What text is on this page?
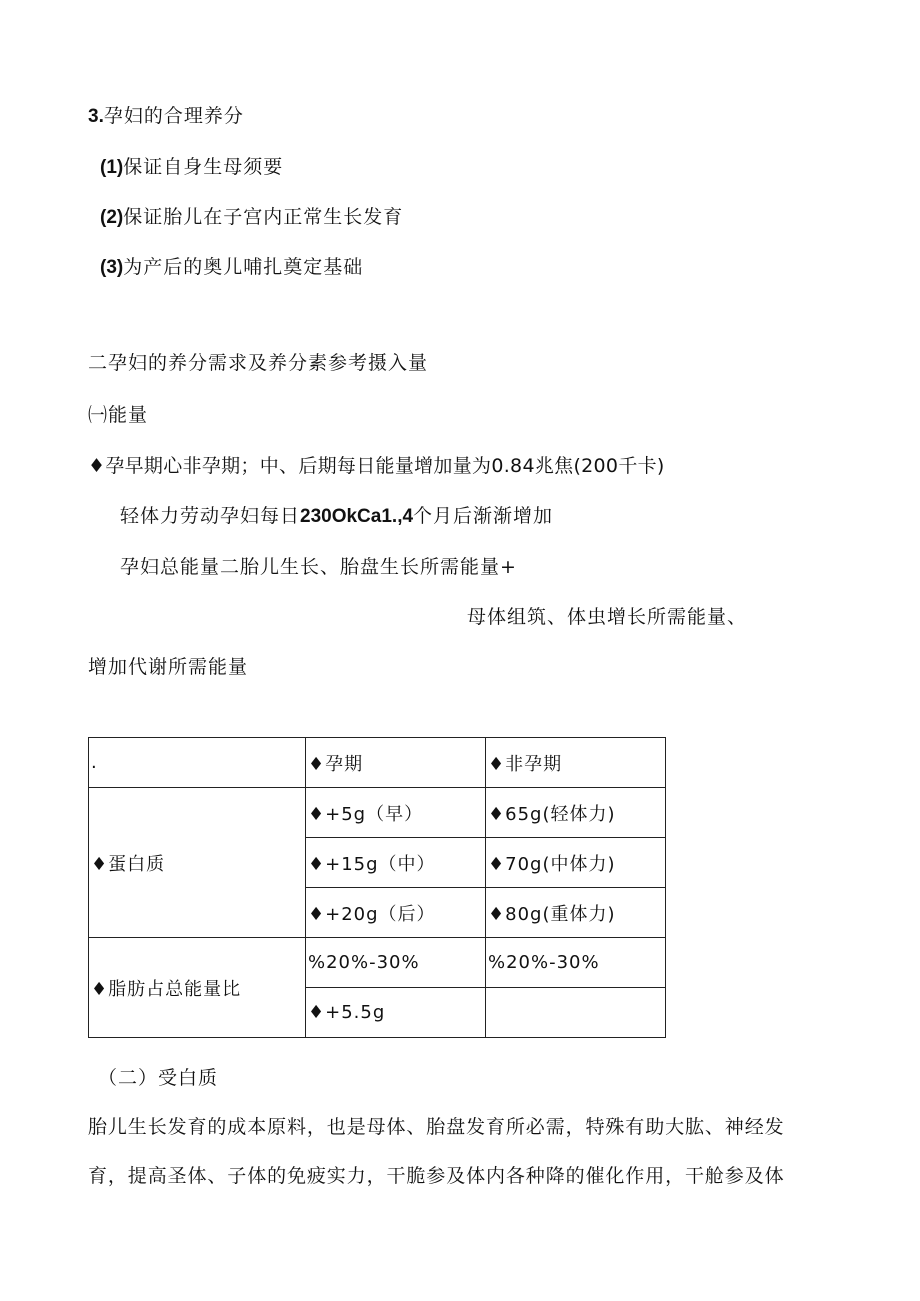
3.孕妇的合理养分
(1)保证自身生母须要
(2)保证胎儿在子宫内正常生长发育
(3)为产后的奥儿哺扎奠定基础
二孕妇的养分需求及养分素参考摄入量
㈠能量
♦孕早期心非孕期；中、后期每日能量增加量为0.84兆焦(200千卡)
轻体力劳动孕妇每日230OkCa1.,4个月后渐渐增加
孕妇总能量二胎儿生长、胎盘生长所需能量+
母体组筑、体虫增长所需能量、
增加代谢所需能量
.	♦孕期	♦非孕期
♦蛋白质	♦+5g（早）	♦65g(轻体力)
	♦+15g（中）	♦70g(中体力)
	♦+20g（后）	♦80g(重体力)
♦脂肪占总能量比	%20%-30%	%20%-30%
	♦+5.5g	
（二）受白质
胎儿生长发育的成本原料，也是母体、胎盘发育所必需，特殊有助大肱、神经发
育，提高圣体、子体的免疲实力，干脆参及体内各种降的催化作用，干舱参及体
